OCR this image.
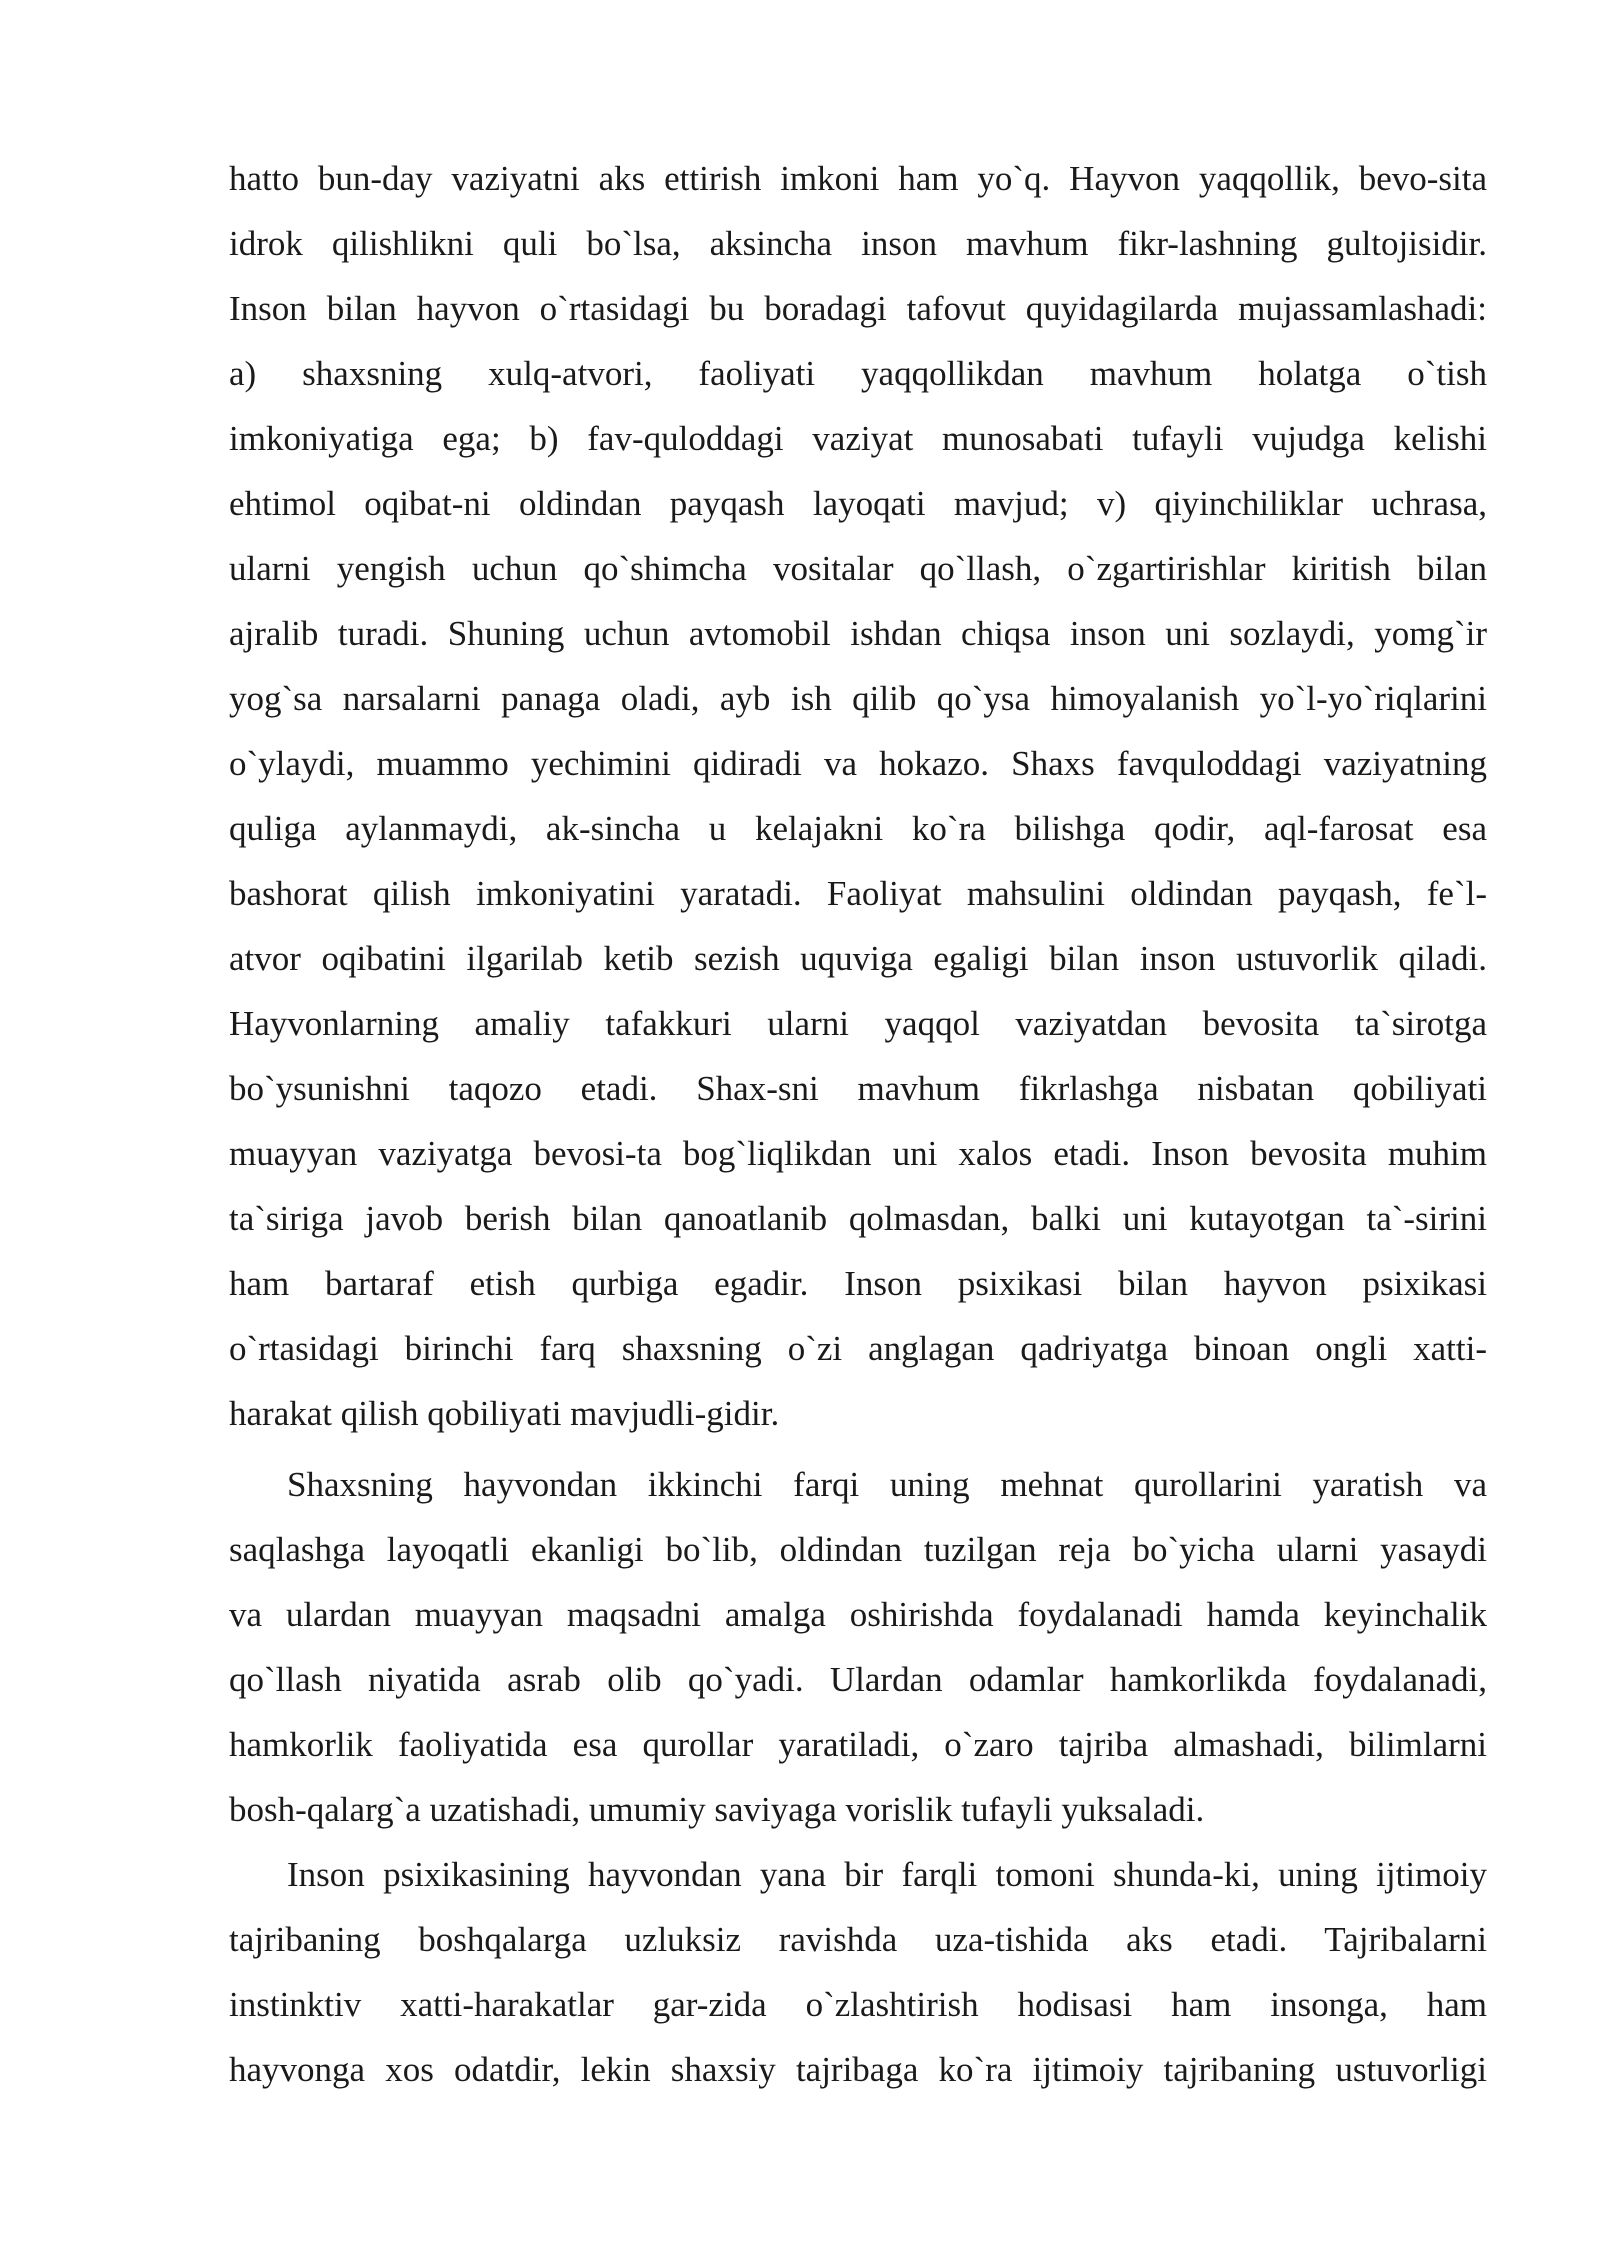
hatto bun-day vaziyatni aks ettirish imkoni ham yo`q. Hayvon yaqqollik, bevo-sita

idrok qilishlikni quli bo`lsa, aksincha inson mavhum fikr-lashning gultojisidir.

Inson bilan hayvon o`rtasidagi bu boradagi tafovut quyidagilarda mujassamlashadi:

a) shaxsning xulq-atvori, faoliyati yaqqollikdan mavhum holatga o`tish

imkoniyatiga ega; b) fav-quloddagi vaziyat munosabati tufayli vujudga kelishi

ehtimol oqibat-ni oldindan payqash layoqati mavjud; v) qiyinchiliklar uchrasa,

ularni yengish uchun qo`shimcha vositalar qo`llash, o`zgartirishlar kiritish bilan

ajralib turadi. Shuning uchun avtomobil ishdan chiqsa inson uni sozlaydi, yomg`ir

yog`sa narsalarni panaga oladi, ayb ish qilib qo`ysa himoyalanish yo`l-yo`riqlarini

o`ylaydi, muammo yechimini qidiradi va hokazo. Shaxs favquloddagi vaziyatning

quliga aylanmaydi, ak-sincha u kelajakni ko`ra bilishga qodir, aql-farosat esa

bashorat qilish imkoniyatini yaratadi. Faoliyat mahsulini oldindan payqash, fe`l-

atvor oqibatini ilgarilab ketib sezish uquviga egaligi bilan inson ustuvorlik qiladi.

Hayvonlarning amaliy tafakkuri ularni yaqqol vaziyatdan bevosita ta`sirotga

bo`ysunishni taqozo etadi. Shax-sni mavhum fikrlashga nisbatan qobiliyati

muayyan vaziyatga bevosi-ta bog`liqlikdan uni xalos etadi. Inson bevosita muhim

ta`siriga javob berish bilan qanoatlanib qolmasdan, balki uni kutayotgan ta`-sirini

ham bartaraf etish qurbiga egadir. Inson psixikasi bilan hayvon psixikasi

o`rtasidagi birinchi farq shaxsning o`zi anglagan qadriyatga binoan ongli xatti-

harakat qilish qobiliyati mavjudli-gidir.

Shaxsning hayvondan ikkinchi farqi uning mehnat qurollarini yaratish va

saqlashga layoqatli ekanligi bo`lib, oldindan tuzilgan reja bo`yicha ularni yasaydi

va ulardan muayyan maqsadni amalga oshirishda foydalanadi hamda keyinchalik

qo`llash niyatida asrab olib qo`yadi. Ulardan odamlar hamkorlikda foydalanadi,

hamkorlik faoliyatida esa qurollar yaratiladi, o`zaro tajriba almashadi, bilimlarni

bosh-qalarg`a uzatishadi, umumiy saviyaga vorislik tufayli yuksaladi.

Inson psixikasining hayvondan yana bir farqli tomoni shunda-ki, uning ijtimoiy

tajribaning boshqalarga uzluksiz ravishda uza-tishida aks etadi. Tajribalarni

instinktiv xatti-harakatlar gar-zida o`zlashtirish hodisasi ham insonga, ham

hayvonga xos odatdir, lekin shaxsiy tajribaga ko`ra ijtimoiy tajribaning ustuvorligi
